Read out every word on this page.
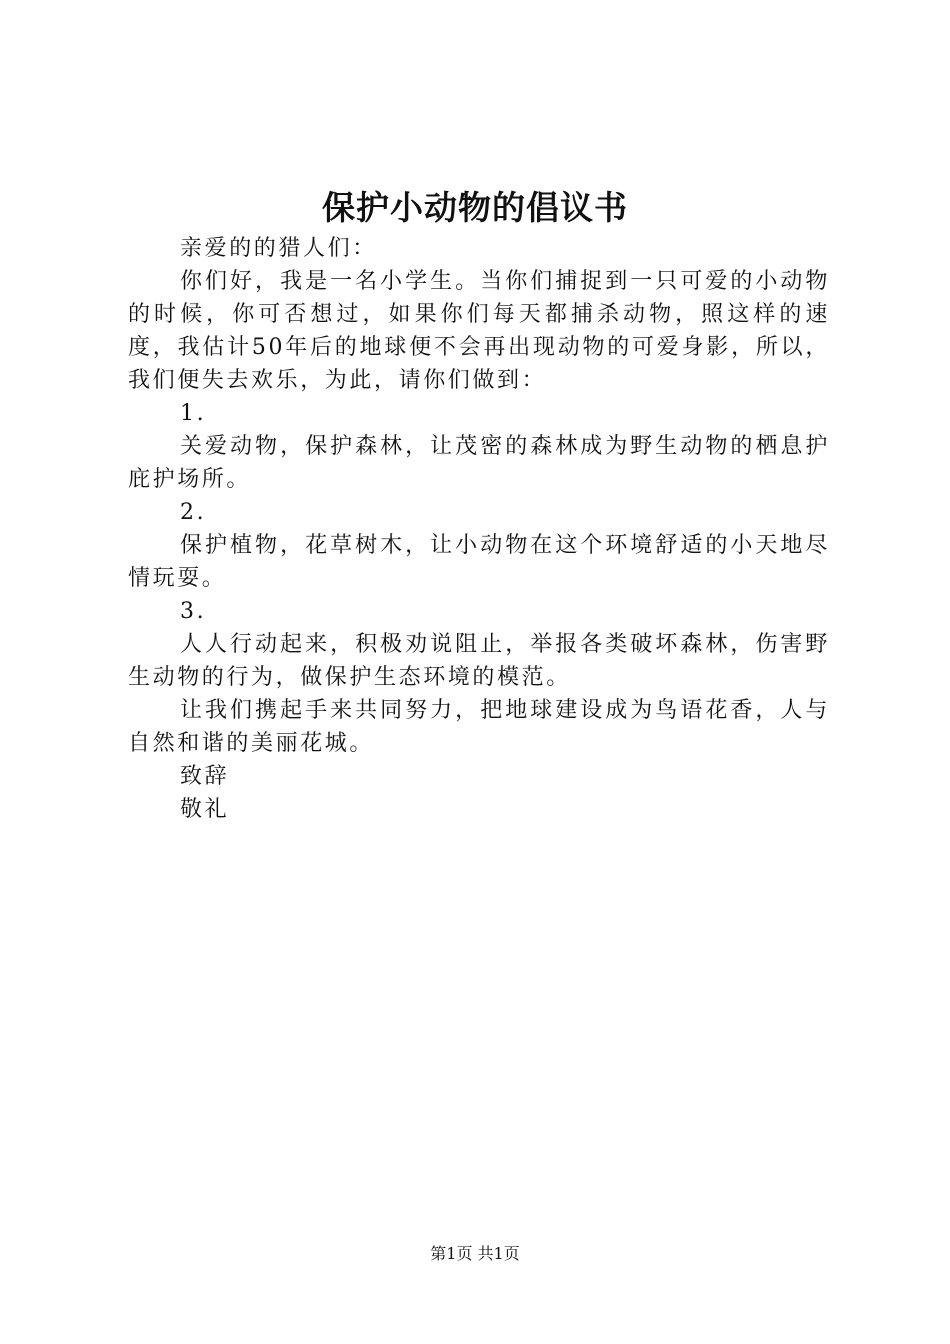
保护小动物的倡议书

亲爱的的猎人们：

你们好，我是一名小学生。当你们捕捉到一只可爱的小动物的时候，你可否想过，如果你们每天都捕杀动物，照这样的速度，我估计50年后的地球便不会再出现动物的可爱身影，所以，我们便失去欢乐，为此，请你们做到：

1.

关爱动物，保护森林，让茂密的森林成为野生动物的栖息护庇护场所。

2.

保护植物，花草树木，让小动物在这个环境舒适的小天地尽情玩耍。

3.

人人行动起来，积极劝说阻止，举报各类破坏森林，伤害野生动物的行为，做保护生态环境的模范。

让我们携起手来共同努力，把地球建设成为鸟语花香，人与自然和谐的美丽花城。

致辞

敬礼

第1页 共1页
